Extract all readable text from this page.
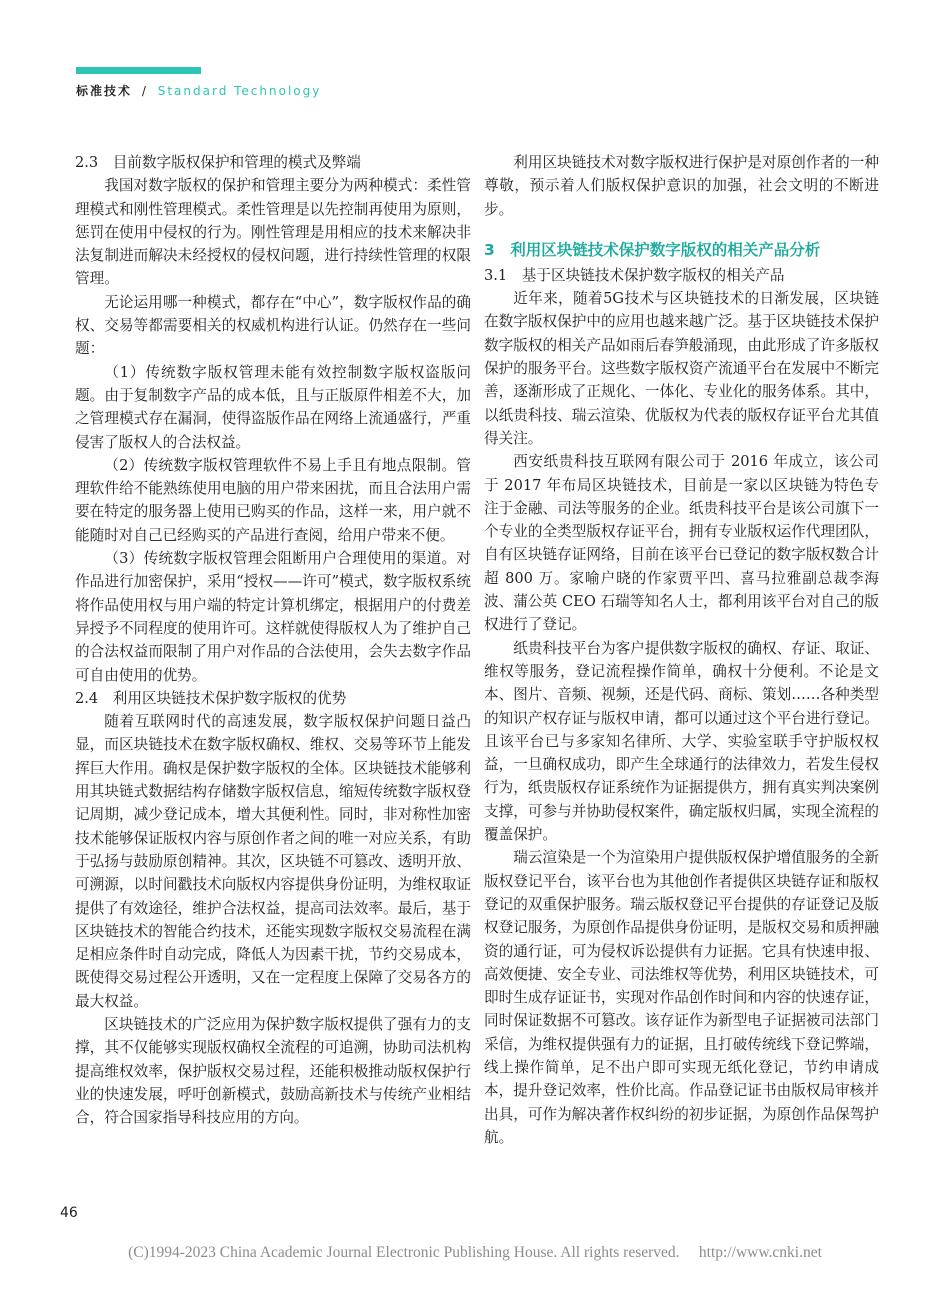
标准技术 / Standard Technology

2.3　目前数字版权保护和管理的模式及弊端

我国对数字版权的保护和管理主要分为两种模式：柔性管理模式和刚性管理模式。柔性管理是以先控制再使用为原则，惩罚在使用中侵权的行为。刚性管理是用相应的技术来解决非法复制进而解决未经授权的侵权问题，进行持续性管理的权限管理。

无论运用哪一种模式，都存在“中心”，数字版权作品的确权、交易等都需要相关的权威机构进行认证。仍然存在一些问题：

（1）传统数字版权管理未能有效控制数字版权盗版问题。由于复制数字产品的成本低，且与正版原件相差不大，加之管理模式存在漏洞，使得盗版作品在网络上流通盛行，严重侵害了版权人的合法权益。

（2）传统数字版权管理软件不易上手且有地点限制。管理软件给不能熟练使用电脑的用户带来困扰，而且合法用户需要在特定的服务器上使用已购买的作品，这样一来，用户就不能随时对自己已经购买的产品进行查阅，给用户带来不便。

（3）传统数字版权管理会阻断用户合理使用的渠道。对作品进行加密保护，采用“授权——许可”模式，数字版权系统将作品使用权与用户端的特定计算机绑定，根据用户的付费差异授予不同程度的使用许可。这样就使得版权人为了维护自己的合法权益而限制了用户对作品的合法使用，会失去数字作品可自由使用的优势。

2.4　利用区块链技术保护数字版权的优势

随着互联网时代的高速发展，数字版权保护问题日益凸显，而区块链技术在数字版权确权、维权、交易等环节上能发挥巨大作用。确权是保护数字版权的全体。区块链技术能够利用其块链式数据结构存储数字版权信息，缩短传统数字版权登记周期，减少登记成本，增大其便利性。同时，非对称性加密技术能够保证版权内容与原创作者之间的唯一对应关系，有助于弘扬与鼓励原创精神。其次，区块链不可篡改、透明开放、可溯源，以时间戳技术向版权内容提供身份证明，为维权取证提供了有效途径，维护合法权益，提高司法效率。最后，基于区块链技术的智能合约技术，还能实现数字版权交易流程在满足相应条件时自动完成，降低人为因素干扰，节约交易成本，既使得交易过程公开透明，又在一定程度上保障了交易各方的最大权益。

区块链技术的广泛应用为保护数字版权提供了强有力的支撑，其不仅能够实现版权确权全流程的可追溯，协助司法机构提高维权效率，保护版权交易过程，还能积极推动版权保护行业的快速发展，呼吁创新模式，鼓励高新技术与传统产业相结合，符合国家指导科技应用的方向。

利用区块链技术对数字版权进行保护是对原创作者的一种尊敬，预示着人们版权保护意识的加强，社会文明的不断进步。

3　利用区块链技术保护数字版权的相关产品分析

3.1　基于区块链技术保护数字版权的相关产品

近年来，随着5G技术与区块链技术的日渐发展，区块链在数字版权保护中的应用也越来越广泛。基于区块链技术保护数字版权的相关产品如雨后春笋般涌现，由此形成了许多版权保护的服务平台。这些数字版权资产流通平台在发展中不断完善，逐渐形成了正规化、一体化、专业化的服务体系。其中，以纸贵科技、瑞云渲染、优版权为代表的版权存证平台尤其值得关注。

西安纸贵科技互联网有限公司于 2016 年成立，该公司于 2017 年布局区块链技术，目前是一家以区块链为特色专注于金融、司法等服务的企业。纸贵科技平台是该公司旗下一个专业的全类型版权存证平台，拥有专业版权运作代理团队，自有区块链存证网络，目前在该平台已登记的数字版权数合计超 800 万。家喻户晓的作家贾平凹、喜马拉雅副总裁李海波、蒲公英 CEO 石瑞等知名人士，都利用该平台对自己的版权进行了登记。

纸贵科技平台为客户提供数字版权的确权、存证、取证、维权等服务，登记流程操作简单，确权十分便利。不论是文本、图片、音频、视频，还是代码、商标、策划……各种类型的知识产权存证与版权申请，都可以通过这个平台进行登记。且该平台已与多家知名律所、大学、实验室联手守护版权权益，一旦确权成功，即产生全球通行的法律效力，若发生侵权行为，纸贵版权存证系统作为证据提供方，拥有真实判决案例支撑，可参与并协助侵权案件，确定版权归属，实现全流程的覆盖保护。

瑞云渲染是一个为渲染用户提供版权保护增值服务的全新版权登记平台，该平台也为其他创作者提供区块链存证和版权登记的双重保护服务。瑞云版权登记平台提供的存证登记及版权登记服务，为原创作品提供身份证明，是版权交易和质押融资的通行证，可为侵权诉讼提供有力证据。它具有快速申报、高效便捷、安全专业、司法维权等优势，利用区块链技术，可即时生成存证证书，实现对作品创作时间和内容的快速存证，同时保证数据不可篡改。该存证作为新型电子证据被司法部门采信，为维权提供强有力的证据，且打破传统线下登记弊端，线上操作简单，足不出户即可实现无纸化登记，节约申请成本，提升登记效率，性价比高。作品登记证书由版权局审核并出具，可作为解决著作权纠纷的初步证据，为原创作品保驾护航。

46
(C)1994-2023 China Academic Journal Electronic Publishing House. All rights reserved.　 http://www.cnki.net
